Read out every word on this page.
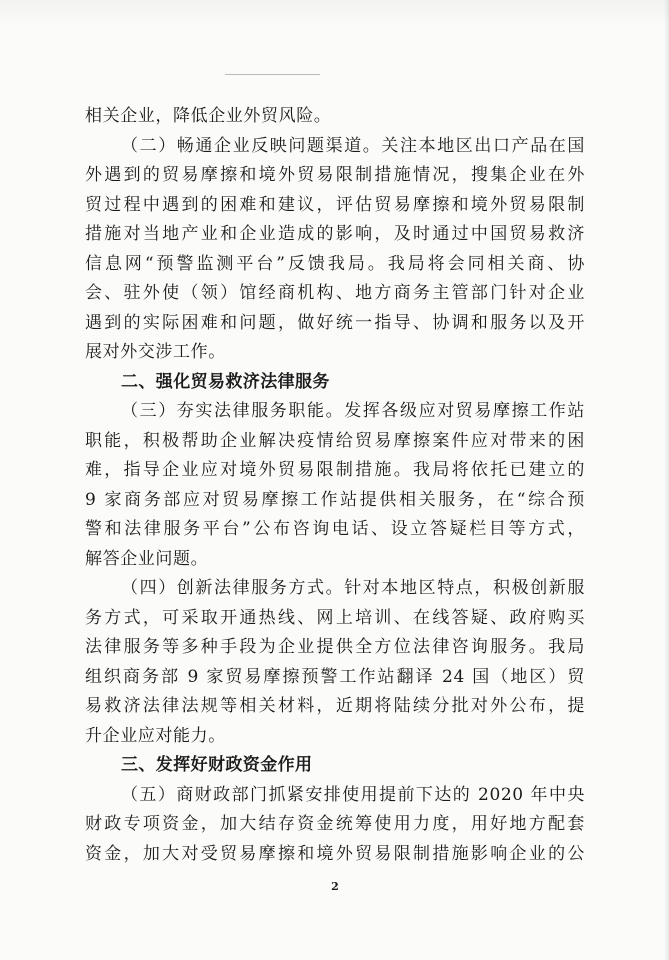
相关企业，降低企业外贸风险。
（二）畅通企业反映问题渠道。关注本地区出口产品在国
外遇到的贸易摩擦和境外贸易限制措施情况，搜集企业在外
贸过程中遇到的困难和建议，评估贸易摩擦和境外贸易限制
措施对当地产业和企业造成的影响，及时通过中国贸易救济
信息网“预警监测平台”反馈我局。我局将会同相关商、协
会、驻外使（领）馆经商机构、地方商务主管部门针对企业
遇到的实际困难和问题，做好统一指导、协调和服务以及开
展对外交涉工作。
二、强化贸易救济法律服务
（三）夯实法律服务职能。发挥各级应对贸易摩擦工作站
职能，积极帮助企业解决疫情给贸易摩擦案件应对带来的困
难，指导企业应对境外贸易限制措施。我局将依托已建立的
9 家商务部应对贸易摩擦工作站提供相关服务，在“综合预
警和法律服务平台”公布咨询电话、设立答疑栏目等方式，
解答企业问题。
（四）创新法律服务方式。针对本地区特点，积极创新服
务方式，可采取开通热线、网上培训、在线答疑、政府购买
法律服务等多种手段为企业提供全方位法律咨询服务。我局
组织商务部 9 家贸易摩擦预警工作站翻译 24 国（地区）贸
易救济法律法规等相关材料，近期将陆续分批对外公布，提
升企业应对能力。
三、发挥好财政资金作用
（五）商财政部门抓紧安排使用提前下达的 2020 年中央
财政专项资金，加大结存资金统筹使用力度，用好地方配套
资金，加大对受贸易摩擦和境外贸易限制措施影响企业的公
2
